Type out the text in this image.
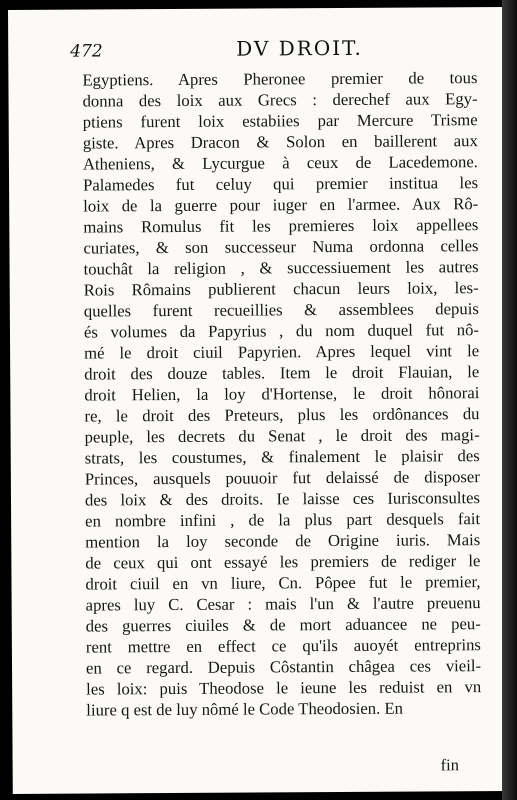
472	DV DROIT.
Egyptiens. Apres Pheronee premier de tous
donna des loix aux Grecs : derechef aux Egy-
ptiens furent loix estabiies par Mercure Trisme
giste. Apres Dracon & Solon en baillerent aux
Atheniens, & Lycurgue à ceux de Lacedemone.
Palamedes fut celuy qui premier institua les
loix de la guerre pour iuger en l'armee. Aux Rô-
mains Romulus fit les premieres loix appellees
curiates, & son successeur Numa ordonna celles
touchât la religion , & successiuement les autres
Rois Rômains publierent chacun leurs loix, les-
quelles furent recueillies & assemblees depuis
és volumes da Papyrius , du nom duquel fut nô-
mé le droit ciuil Papyrien. Apres lequel vint le
droit des douze tables. Item le droit Flauian, le
droit Helien, la loy d'Hortense, le droit hônorai
re, le droit des Preteurs, plus les ordônances du
peuple, les decrets du Senat , le droit des magi-
strats, les coustumes, & finalement le plaisir des
Princes, ausquels pouuoir fut delaissé de disposer
des loix & des droits. Ie laisse ces Iurisconsultes
en nombre infini , de la plus part desquels fait
mention la loy seconde de Origine iuris. Mais
de ceux qui ont essayé les premiers de rediger le
droit ciuil en vn liure, Cn. Pôpee fut le premier,
apres luy C. Cesar : mais l'un & l'autre preuenu
des guerres ciuiles & de mort aduancee ne peu-
rent mettre en effect ce qu'ils auoyét entreprins
en ce regard. Depuis Côstantin châgea ces vieil-
les loix: puis Theodose le ieune les reduist en vn
liure q est de luy nômé le Code Theodosien. En
fin
